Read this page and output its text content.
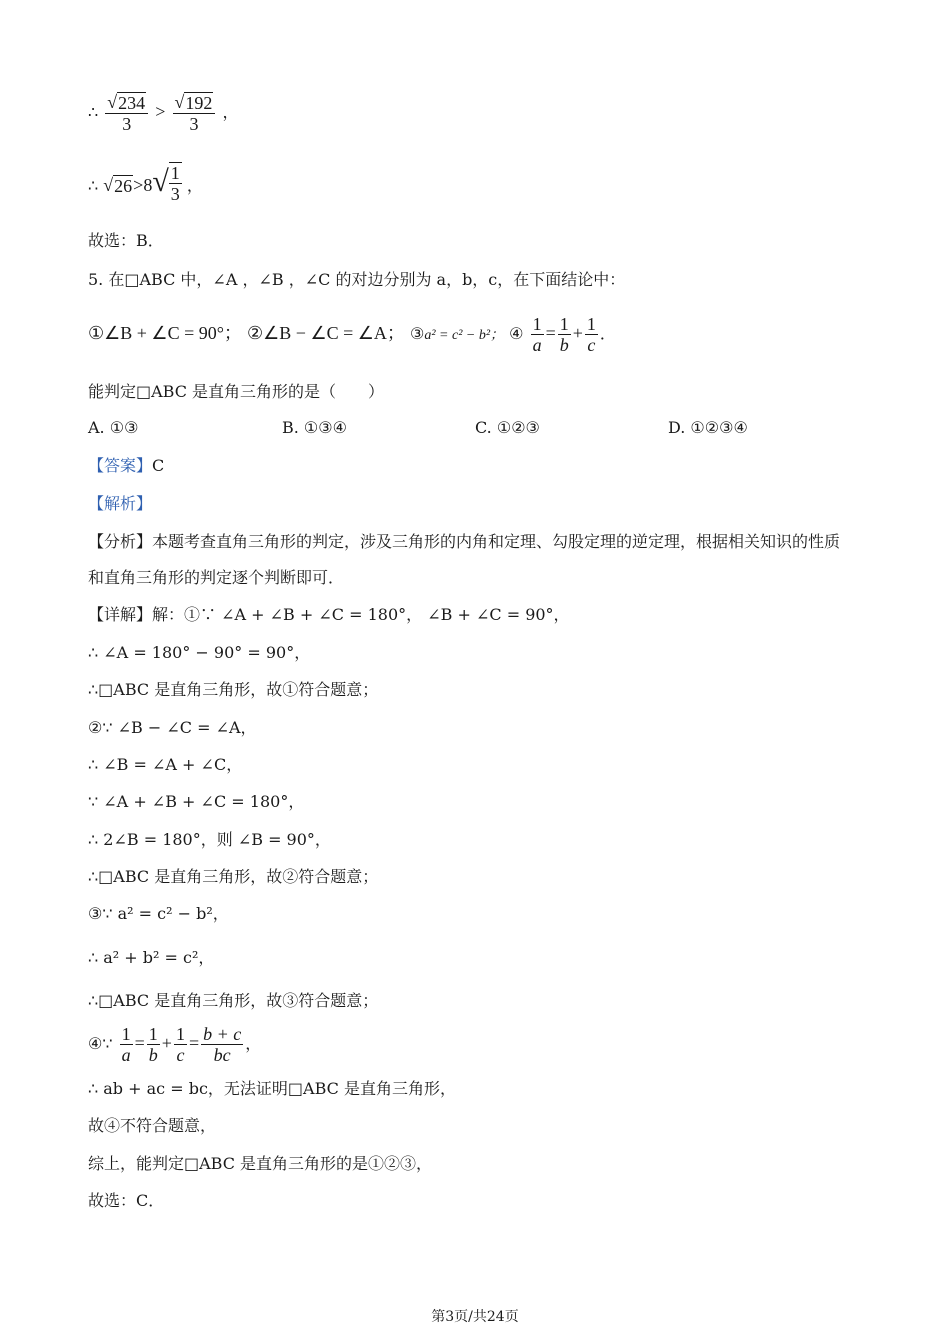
∴ $\frac{√ 234}{3} > \frac{√ 192}{3}$ ，
∴ √ 26 >8 √ $\frac{1}{3}$ ，
故选：B．
5. 在□ABC 中，∠A ，∠B ，∠C 的对边分别为 a，b，c，在下面结论中：
①∠B + ∠C = 90°； ②∠B − ∠C = ∠A； ③a² = c² − b²； ④ $\frac{1}{a} = \frac{1}{b} + \frac{1}{c}$ ．
能判定□ABC 是直角三角形的是（　　）
A. ①③	B. ①③④	C. ①②③	D. ①②③④
【答案】C
【解析】
【分析】本题考查直角三角形的判定，涉及三角形的内角和定理、勾股定理的逆定理，根据相关知识的性质
和直角三角形的判定逐个判断即可．
【详解】解：①∵ ∠A + ∠B + ∠C = 180°， ∠B + ∠C = 90°，
∴ ∠A = 180° − 90° = 90°，
∴□ABC 是直角三角形，故①符合题意；
②∵ ∠B − ∠C = ∠A，
∴ ∠B = ∠A + ∠C，
∵ ∠A + ∠B + ∠C = 180°，
∴ 2∠B = 180°，则 ∠B = 90°，
∴□ABC 是直角三角形，故②符合题意；
③∵ a² = c² − b²，
∴ a² + b² = c²，
∴□ABC 是直角三角形，故③符合题意；
④∵ $\frac{1}{a} = \frac{1}{b} + \frac{1}{c} = \frac{b + c}{bc}$ ，
∴ ab + ac = bc，无法证明□ABC 是直角三角形，
故④不符合题意，
综上，能判定□ABC 是直角三角形的是①②③，
故选：C．
第3页/共24页
